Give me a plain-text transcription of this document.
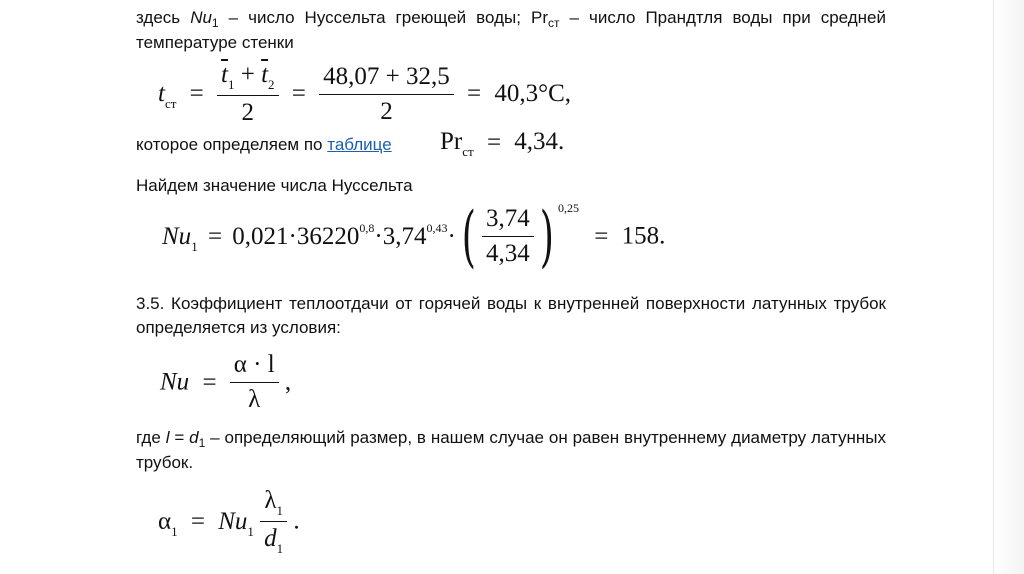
здесь $Nu_1$ – число Нуссельта греющей воды; $Pr_{ст}$ – число Прандтля воды при средней температуре стенки
$t_{ст} = \frac{\overline{t}_1 + \overline{t}_2}{2} = \frac{48,07 + 32,5}{2} = 40,3^\circ C$,
которое определяем по таблице	$Pr_{ст} = 4,34$.
Найдем значение числа Нуссельта
$Nu_1 = 0,021\cdot 36220^{0,8}\cdot 3,74^{0,43}\cdot$ ( $\frac{3,74}{4,34}$ ) $^{0,25}$ = 158.
3.5. Коэффициент теплоотдачи от горячей воды к внутренней поверхности латунных трубок определяется из условия:
$Nu = \frac{\alpha \cdot l}{\lambda}$ ,
где $l = d_1$ – определяющий размер, в нашем случае он равен внутреннему диаметру латунных трубок.
$\alpha_1 = Nu_1 \frac{\lambda_1}{d_1}$ .
